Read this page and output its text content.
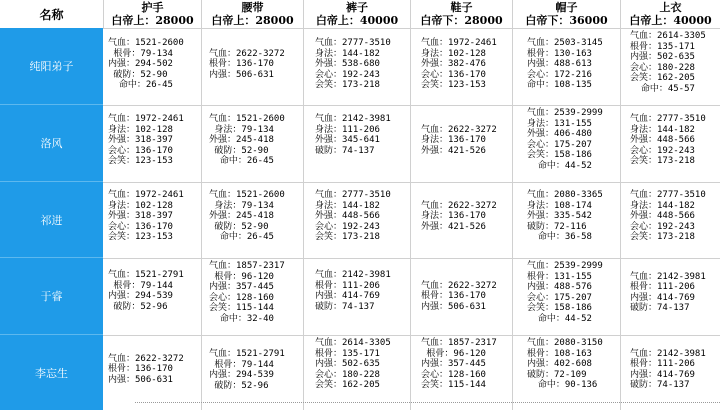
名称	护手
白帝上：28000
腰带
白帝上：28000
裤子
白帝上：40000
鞋子
白帝下：28000
帽子
白帝下：36000
上衣
白帝上：40000
纯阳弟子
洛风
祁进
于睿
李忘生
气血：1521-2600
根骨：79-134
内强：294-502
破防：52-90
命中：26-45

气血：2622-3272
根骨：136-170
内强：506-631
气血：2777-3510
身法：144-182
外强：538-680
会心：192-243
会笑：173-218
气血：1972-2461
身法：102-128
外强：382-476
会心：136-170
会笑：123-153
气血：2503-3145
根骨：130-163
内强：488-613
会心：172-216
命中：108-135
气血：2614-3305
根骨：135-171
内强：502-635
会心：180-228
会笑：162-205
命中：45-57
气血：1972-2461
身法：102-128
外强：318-397
会心：136-170
会笑：123-153
气血：1521-2600
身法：79-134
外强：245-418
破防：52-90
命中：26-45
气血：2142-3981
身法：111-206
外强：345-641
破防：74-137

气血：2622-3272
身法：136-170
外强：421-526
气血：2539-2999
身法：131-155
外强：406-480
会心：175-207
会笑：158-186
命中：44-52
气血：2777-3510
身法：144-182
外强：448-566
会心：192-243
会笑：173-218
气血：1972-2461
身法：102-128
外强：318-397
会心：136-170
会笑：123-153
气血：1521-2600
身法：79-134
外强：245-418
破防：52-90
命中：26-45
气血：2777-3510
身法：144-182
外强：448-566
会心：192-243
会笑：173-218

气血：2622-3272
身法：136-170
外强：421-526
气血：2080-3365
身法：108-174
外强：335-542
破防：72-116
命中：36-58
气血：2777-3510
身法：144-182
外强：448-566
会心：192-243
会笑：173-218
气血：1521-2791
根骨：79-144
内强：294-539
破防：52-96
气血：1857-2317
根骨：96-120
内强：357-445
会心：128-160
会笑：115-144
命中：32-40
气血：2142-3981
根骨：111-206
内强：414-769
破防：74-137

气血：2622-3272
根骨：136-170
内强：506-631
气血：2539-2999
根骨：131-155
内强：488-576
会心：175-207
会笑：158-186
命中：44-52

气血：2142-3981
根骨：111-206
内强：414-769
破防：74-137

气血：2622-3272
根骨：136-170
内强：506-631
气血：1521-2791
根骨：79-144
内强：294-539
破防：52-96
气血：2614-3305
根骨：135-171
内强：502-635
会心：180-228
会笑：162-205
气血：1857-2317
根骨：96-120
内强：357-445
会心：128-160
会笑：115-144
气血：2080-3150
根骨：108-163
内强：402-608
破防：72-109
命中：90-136

气血：2142-3981
根骨：111-206
内强：414-769
破防：74-137
